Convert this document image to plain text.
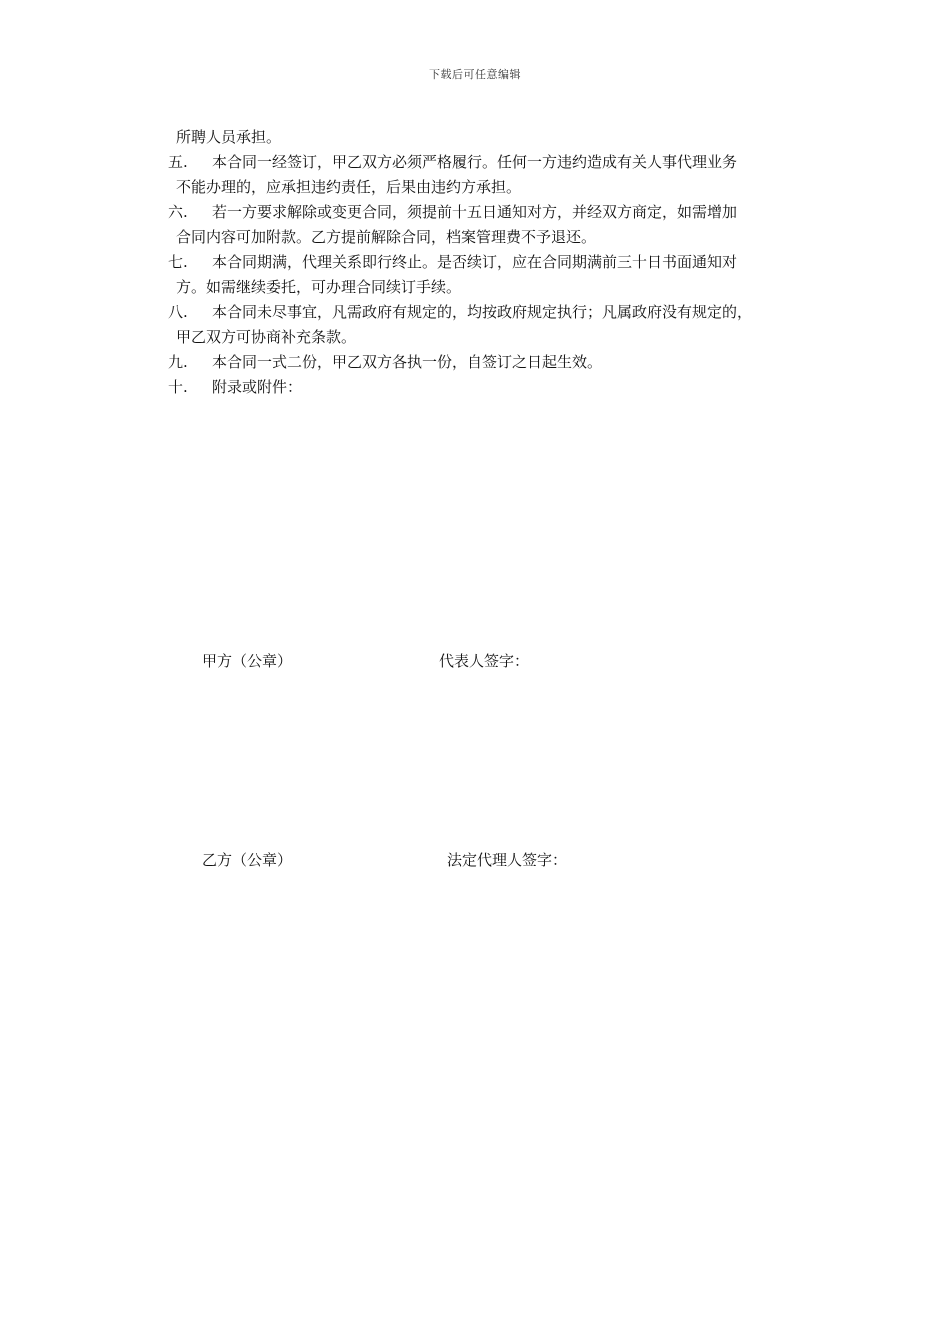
下载后可任意编辑
所聘人员承担。
五.	本合同一经签订，甲乙双方必须严格履行。任何一方违约造成有关人事代理业务
不能办理的，应承担违约责任，后果由违约方承担。
六.	若一方要求解除或变更合同，须提前十五日通知对方，并经双方商定，如需增加
合同内容可加附款。乙方提前解除合同，档案管理费不予退还。
七.	本合同期满，代理关系即行终止。是否续订，应在合同期满前三十日书面通知对
方。如需继续委托，可办理合同续订手续。
八.	本合同未尽事宜，凡需政府有规定的，均按政府规定执行；凡属政府没有规定的，
甲乙双方可协商补充条款。
九.	本合同一式二份，甲乙双方各执一份，自签订之日起生效。
十.	附录或附件：
甲方（公章）	代表人签字：
乙方（公章）	法定代理人签字：
